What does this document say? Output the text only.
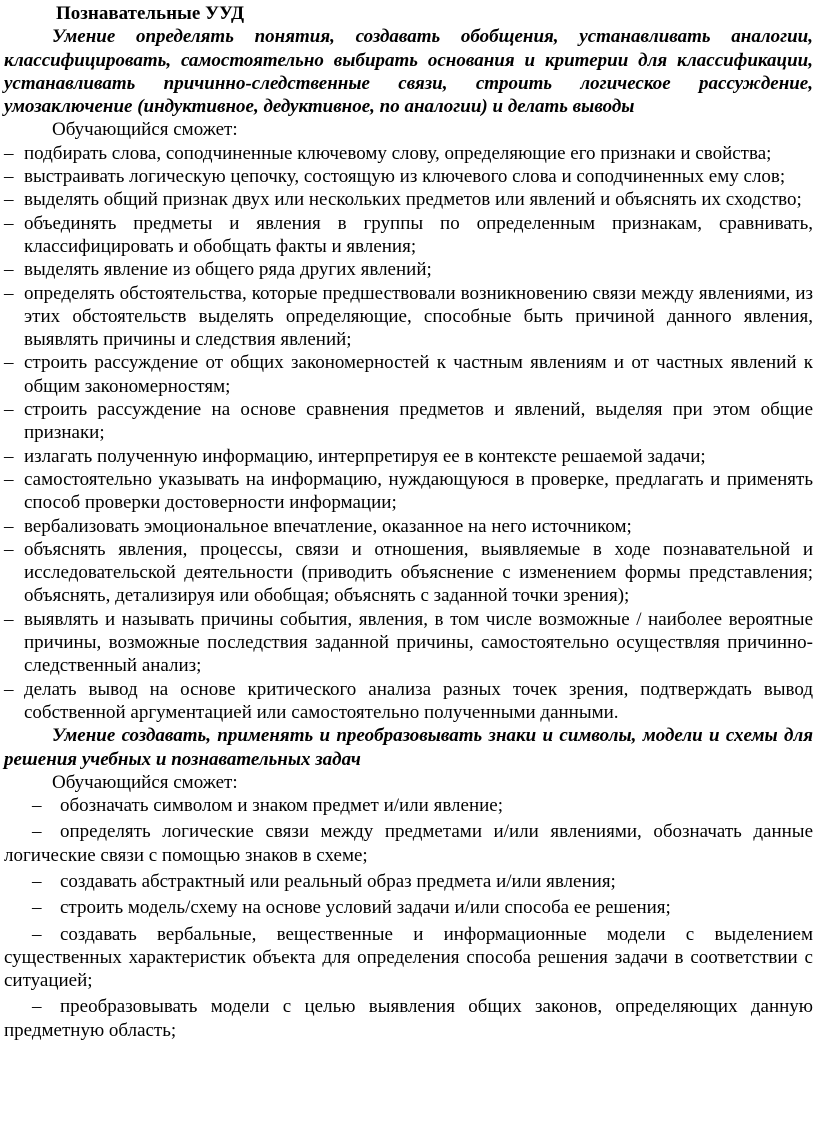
Познавательные УУД

Умение определять понятия, создавать обобщения, устанавливать аналогии, классифицировать, самостоятельно выбирать основания и критерии для классификации, устанавливать причинно-следственные связи, строить логическое рассуждение, умозаключение (индуктивное, дедуктивное, по аналогии) и делать выводы

Обучающийся сможет:

– подбирать слова, соподчиненные ключевому слову, определяющие его признаки и свойства;
– выстраивать логическую цепочку, состоящую из ключевого слова и соподчиненных ему слов;
– выделять общий признак двух или нескольких предметов или явлений и объяснять их сходство;
– объединять предметы и явления в группы по определенным признакам, сравнивать, классифицировать и обобщать факты и явления;
– выделять явление из общего ряда других явлений;
– определять обстоятельства, которые предшествовали возникновению связи между явлениями, из этих обстоятельств выделять определяющие, способные быть причиной данного явления, выявлять причины и следствия явлений;
– строить рассуждение от общих закономерностей к частным явлениям и от частных явлений к общим закономерностям;
– строить рассуждение на основе сравнения предметов и явлений, выделяя при этом общие признаки;
– излагать полученную информацию, интерпретируя ее в контексте решаемой задачи;
– самостоятельно указывать на информацию, нуждающуюся в проверке, предлагать и применять способ проверки достоверности информации;
– вербализовать эмоциональное впечатление, оказанное на него источником;
– объяснять явления, процессы, связи и отношения, выявляемые в ходе познавательной и исследовательской деятельности (приводить объяснение с изменением формы представления; объяснять, детализируя или обобщая; объяснять с заданной точки зрения);
– выявлять и называть причины события, явления, в том числе возможные / наиболее вероятные причины, возможные последствия заданной причины, самостоятельно осуществляя причинно-следственный анализ;
– делать вывод на основе критического анализа разных точек зрения, подтверждать вывод собственной аргументацией или самостоятельно полученными данными.

Умение создавать, применять и преобразовывать знаки и символы, модели и схемы для решения учебных и познавательных задач

Обучающийся сможет:

– обозначать символом и знаком предмет и/или явление;
– определять логические связи между предметами и/или явлениями, обозначать данные логические связи с помощью знаков в схеме;
– создавать абстрактный или реальный образ предмета и/или явления;
– строить модель/схему на основе условий задачи и/или способа ее решения;
– создавать вербальные, вещественные и информационные модели с выделением существенных характеристик объекта для определения способа решения задачи в соответствии с ситуацией;
– преобразовывать модели с целью выявления общих законов, определяющих данную предметную область;
